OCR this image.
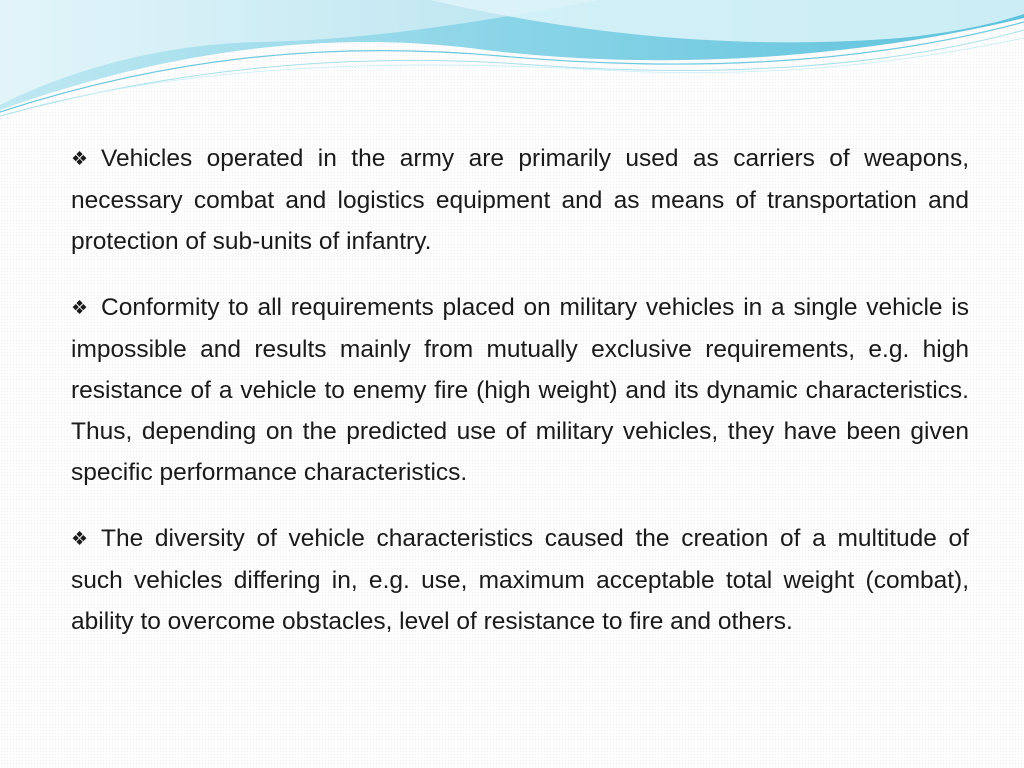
❖ Vehicles operated in the army are primarily used as carriers of weapons, necessary combat and logistics equipment and as means of transportation and protection of sub-units of infantry.

❖ Conformity to all requirements placed on military vehicles in a single vehicle is impossible and results mainly from mutually exclusive requirements, e.g. high resistance of a vehicle to enemy fire (high weight) and its dynamic characteristics. Thus, depending on the predicted use of military vehicles, they have been given specific performance characteristics.

❖ The diversity of vehicle characteristics caused the creation of a multitude of such vehicles differing in, e.g. use, maximum acceptable total weight (combat), ability to overcome obstacles, level of resistance to fire and others.
